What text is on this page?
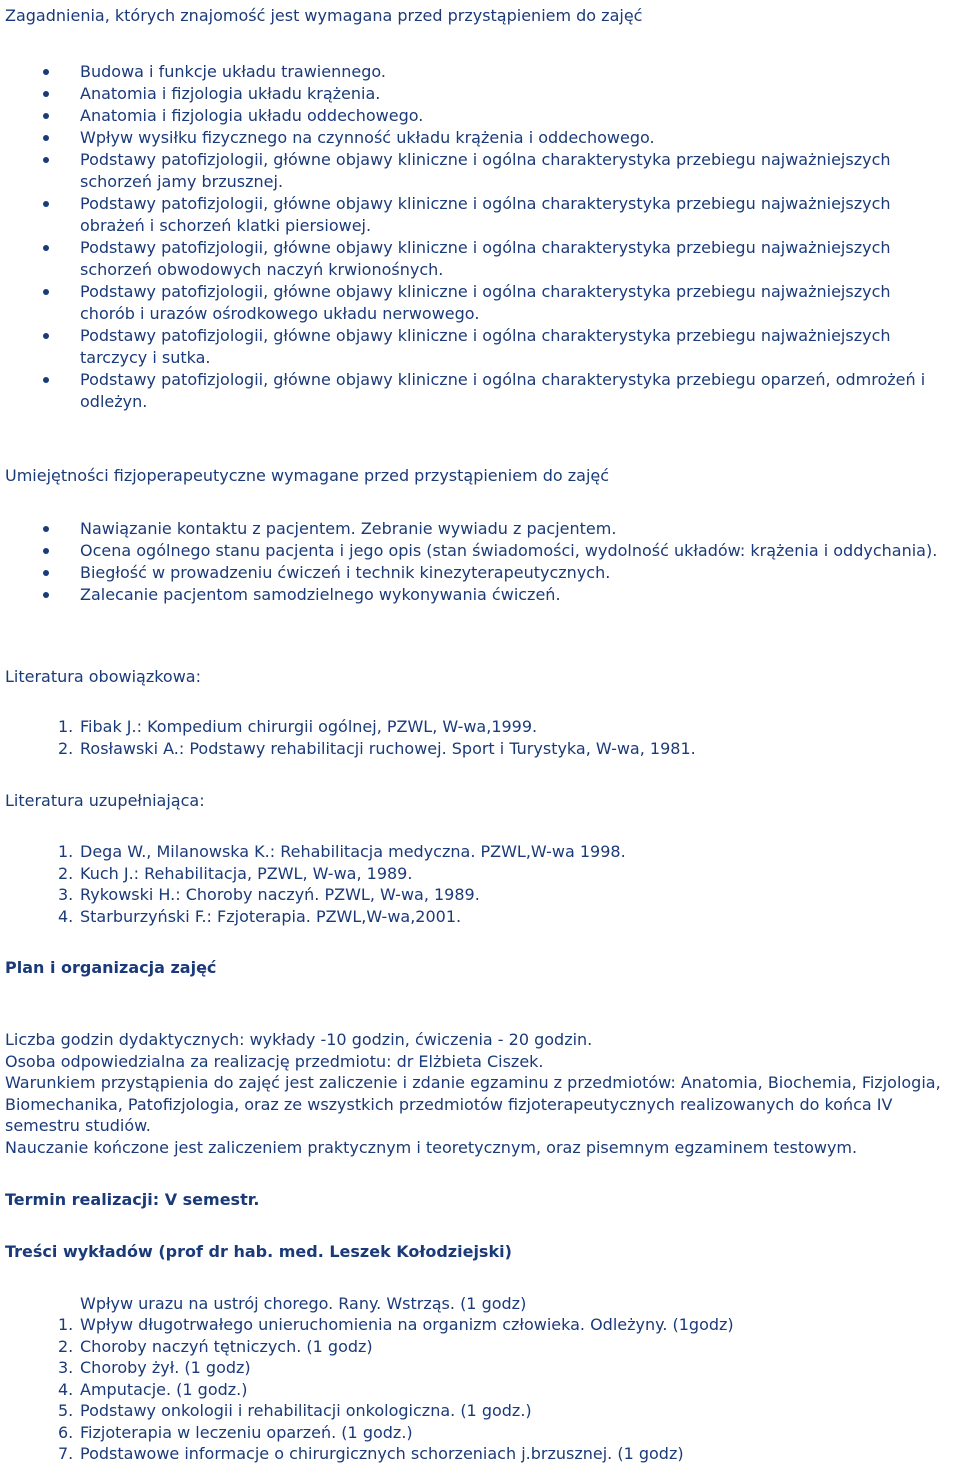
Zagadnienia, których znajomość jest wymagana przed przystąpieniem do zajęć
Budowa i funkcje układu trawiennego.
Anatomia i fizjologia układu krążenia.
Anatomia i fizjologia układu oddechowego.
Wpływ wysiłku fizycznego na czynność układu krążenia i oddechowego.
Podstawy patofizjologii, główne objawy kliniczne i ogólna charakterystyka przebiegu najważniejszych schorzeń jamy brzusznej.
Podstawy patofizjologii, główne objawy kliniczne i ogólna charakterystyka przebiegu najważniejszych obrażeń i schorzeń klatki piersiowej.
Podstawy patofizjologii, główne objawy kliniczne i ogólna charakterystyka przebiegu najważniejszych schorzeń obwodowych naczyń krwionośnych.
Podstawy patofizjologii, główne objawy kliniczne i ogólna charakterystyka przebiegu najważniejszych chorób i urazów ośrodkowego układu nerwowego.
Podstawy patofizjologii, główne objawy kliniczne i ogólna charakterystyka przebiegu najważniejszych tarczycy i sutka.
Podstawy patofizjologii, główne objawy kliniczne i ogólna charakterystyka przebiegu oparzeń, odmrożeń i odleżyn.
Umiejętności fizjoperapeutyczne wymagane przed przystąpieniem do zajęć
Nawiązanie kontaktu z pacjentem. Zebranie wywiadu z pacjentem.
Ocena ogólnego stanu pacjenta i jego opis (stan świadomości, wydolność układów: krążenia i oddychania).
Biegłość w prowadzeniu ćwiczeń i technik kinezyterapeutycznych.
Zalecanie pacjentom samodzielnego wykonywania ćwiczeń.
Literatura obowiązkowa:
1. Fibak J.: Kompedium chirurgii ogólnej, PZWL, W-wa,1999.
2. Rosławski A.: Podstawy rehabilitacji ruchowej. Sport i Turystyka, W-wa, 1981.
Literatura uzupełniająca:
1. Dega W., Milanowska K.: Rehabilitacja medyczna. PZWL,W-wa 1998.
2. Kuch J.: Rehabilitacja, PZWL, W-wa, 1989.
3. Rykowski H.: Choroby naczyń. PZWL, W-wa, 1989.
4. Starburzyński F.: Fzjoterapia. PZWL,W-wa,2001.
Plan i organizacja zajęć

Liczba godzin dydaktycznych: wykłady -10 godzin, ćwiczenia - 20 godzin.

Osoba odpowiedzialna za realizację przedmiotu: dr Elżbieta Ciszek.

Warunkiem przystąpienia do zajęć jest zaliczenie i zdanie egzaminu z przedmiotów: Anatomia, Biochemia, Fizjologia, Biomechanika, Patofizjologia, oraz ze wszystkich przedmiotów fizjoterapeutycznych realizowanych do końca IV semestru studiów.

Nauczanie kończone jest zaliczeniem praktycznym i teoretycznym, oraz pisemnym egzaminem testowym.

Termin realizacji: V semestr.
Treści wykładów (prof dr hab. med. Leszek Kołodziejski)

Wpływ urazu na ustrój chorego. Rany. Wstrząs. (1 godz)

1. Wpływ długotrwałego unieruchomienia na organizm człowieka. Odleżyny. (1godz)
2. Choroby naczyń tętniczych. (1 godz)
3. Choroby żył. (1 godz)
4. Amputacje. (1 godz.)
5. Podstawy onkologii i rehabilitacji onkologiczna. (1 godz.)
6. Fizjoterapia w leczeniu oparzeń. (1 godz.)
7. Podstawowe informacje o chirurgicznych schorzeniach j.brzusznej. (1 godz)
